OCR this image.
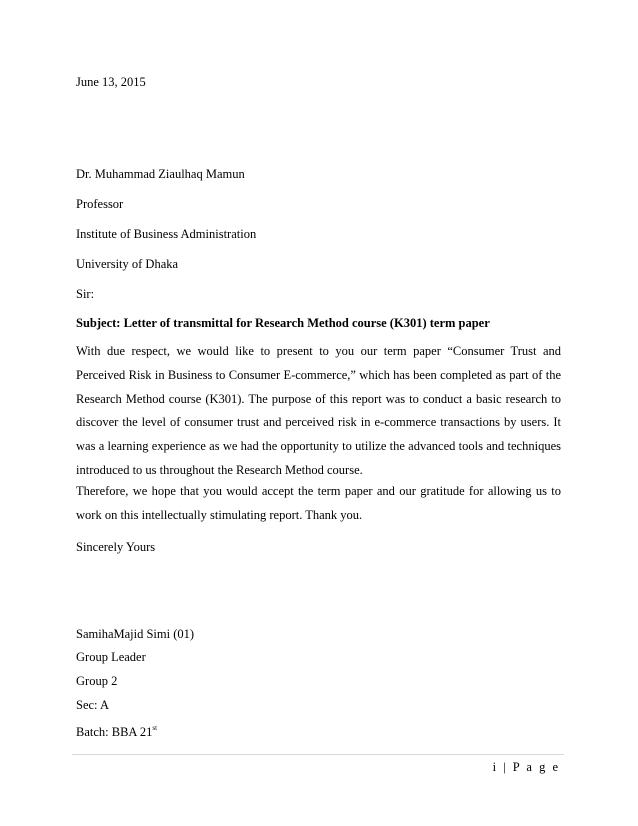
June 13, 2015
Dr. Muhammad Ziaulhaq Mamun
Professor
Institute of Business Administration
University of Dhaka
Sir:
Subject: Letter of transmittal for Research Method course (K301) term paper
With due respect, we would like to present to you our term paper “Consumer Trust and Perceived Risk in Business to Consumer E-commerce,” which has been completed as part of the Research Method course (K301). The purpose of this report was to conduct a basic research to discover the level of consumer trust and perceived risk in e-commerce transactions by users. It was a learning experience as we had the opportunity to utilize the advanced tools and techniques introduced to us throughout the Research Method course.
Therefore, we hope that you would accept the term paper and our gratitude for allowing us to work on this intellectually stimulating report. Thank you.
Sincerely Yours
SamihaMajid Simi (01)
Group Leader
Group 2
Sec: A
Batch: BBA 21st
i | P a g e
